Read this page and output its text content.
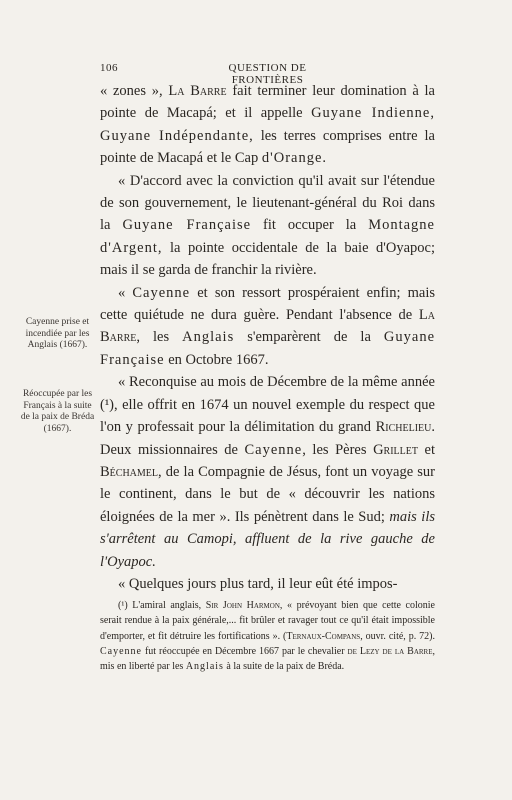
106	QUESTION DE FRONTIÈRES
Cayenne prise et incendiée par les Anglais (1667).
Réoccupée par les Français à la suite de la paix de Bréda (1667).

« zones », La Barre fait terminer leur domination à la pointe de Macapá; et il appelle Guyane Indienne, Guyane Indépendante, les terres comprises entre la pointe de Macapá et le Cap d'Orange.

« D'accord avec la conviction qu'il avait sur l'étendue de son gouvernement, le lieutenant-général du Roi dans la Guyane Française fit occuper la Montagne d'Argent, la pointe occidentale de la baie d'Oyapoc; mais il se garda de franchir la rivière.

« Cayenne et son ressort prospéraient enfin; mais cette quiétude ne dura guère. Pendant l'absence de La Barre, les Anglais s'emparèrent de la Guyane Française en Octobre 1667.

« Reconquise au mois de Décembre de la même année (¹), elle offrit en 1674 un nouvel exemple du respect que l'on y professait pour la délimitation du grand Richelieu. Deux missionnaires de Cayenne, les Pères Grillet et Béchamel, de la Compagnie de Jésus, font un voyage sur le continent, dans le but de « découvrir les nations éloignées de la mer ». Ils pénètrent dans le Sud; mais ils s'arrêtent au Camopi, affluent de la rive gauche de l'Oyapoc.

« Quelques jours plus tard, il leur eût été impos-

(¹) L'amiral anglais, Sir John Harmon, « prévoyant bien que cette colonie serait rendue à la paix générale,... fit brûler et ravager tout ce qu'il était impossible d'emporter, et fit détruire les fortifications ». (Ternaux-Compans, ouvr. cité, p. 72). Cayenne fut réoccupée en Décembre 1667 par le chevalier de Lezy de la Barre, mis en liberté par les Anglais à la suite de la paix de Bréda.
